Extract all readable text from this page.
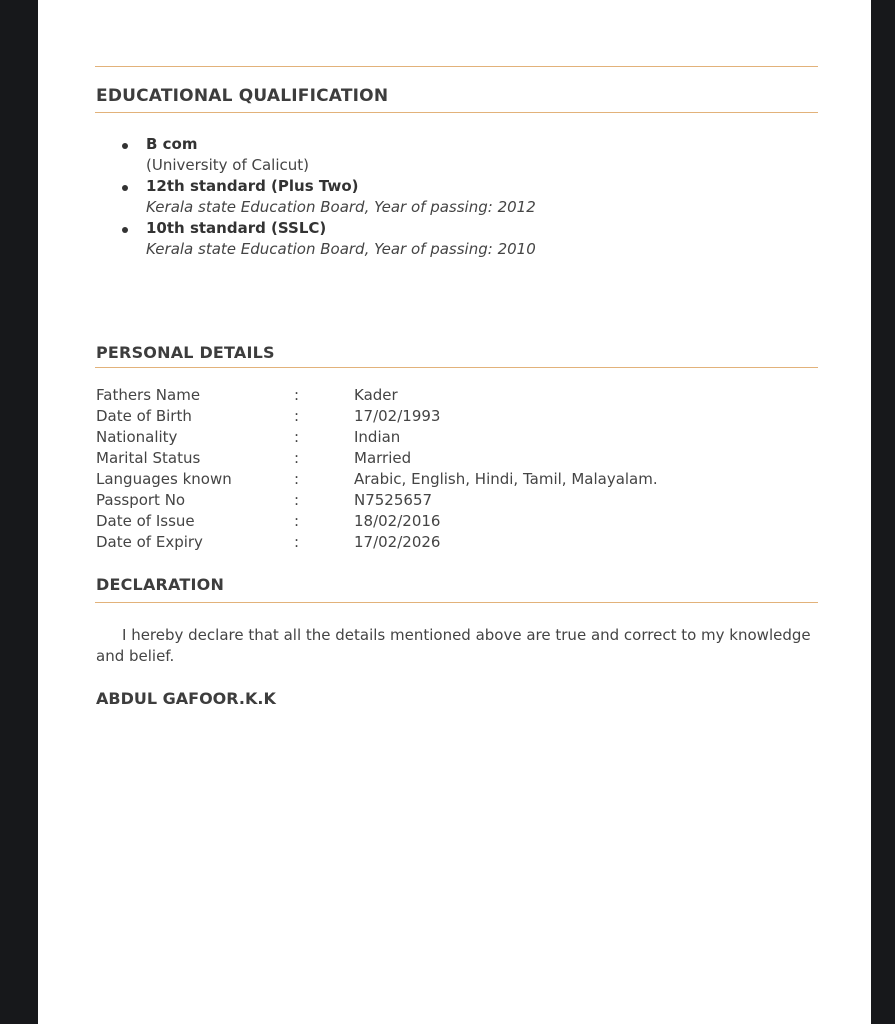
EDUCATIONAL QUALIFICATION
B com
(University of Calicut)
12th standard (Plus Two)
Kerala state Education Board, Year of passing: 2012
10th standard (SSLC)
Kerala state Education Board, Year of passing: 2010
PERSONAL DETAILS
Fathers Name	:	Kader
Date of Birth	:	17/02/1993
Nationality	:	Indian
Marital Status	:	Married
Languages known	:	Arabic, English, Hindi, Tamil, Malayalam.
Passport No	:	N7525657
Date of Issue	:	18/02/2016
Date of Expiry	:	17/02/2026
DECLARATION

I hereby declare that all the details mentioned above are true and correct to my knowledge and belief.

ABDUL GAFOOR.K.K
